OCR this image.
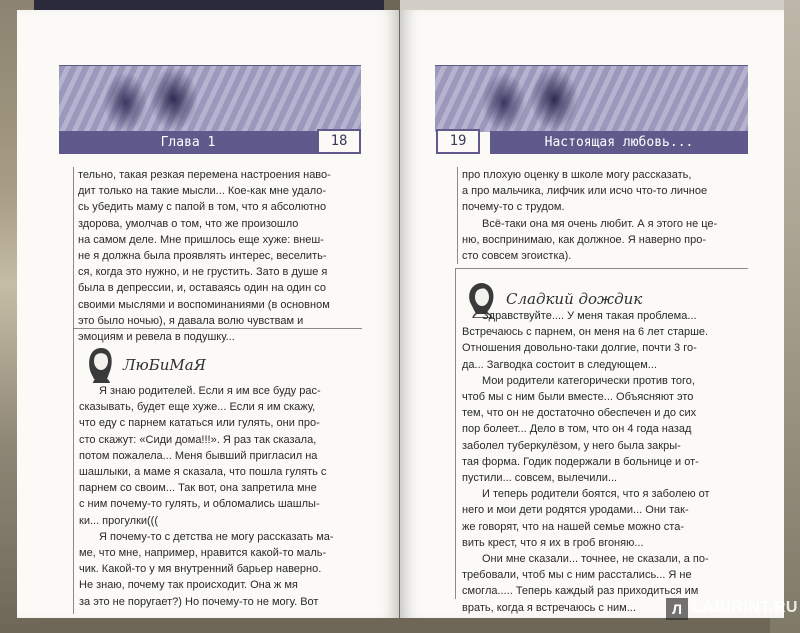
Глава 1	18

тельно, такая резкая перемена настроения наво-

дит только на такие мысли... Кое-как мне удало-

сь убедить маму с папой в том, что я абсолютно

здорова, умолчав о том, что же произошло

на самом деле. Мне пришлось еще хуже: внеш-

не я должна была проявлять интерес, веселить-

ся, когда это нужно, и не грустить. Зато в душе я

была в депрессии, и, оставаясь один на один со

своими мыслями и воспоминаниями (в основном

это было ночью), я давала волю чувствам и

эмоциям и ревела в подушку...

ЛюБиМаЯ

Я знаю родителей. Если я им все буду рас-

сказывать, будет еще хуже... Если я им скажу,

что еду с парнем кататься или гулять, они про-

сто скажут: «Сиди дома!!!». Я раз так сказала,

потом пожалела... Меня бывший пригласил на

шашлыки, а маме я сказала, что пошла гулять с

парнем со своим... Так вот, она запретила мне

с ним почему-то гулять, и обломались шашлы-

ки... прогулки(((

Я почему-то с детства не могу рассказать ма-

ме, что мне, например, нравится какой-то маль-

чик. Какой-то у мя внутренний барьер наверно.

Не знаю, почему так происходит. Она ж мя

за это не поругает?) Но почему-то не могу. Вот

19	Настоящая любовь...

про плохую оценку в школе могу рассказать,

а про мальчика, лифчик или исчо что-то личное

почему-то с трудом.

Всё-таки она мя очень любит. А я этого не це-

ню, воспринимаю, как должное. Я наверно про-

сто совсем эгоистка).

Сладкий дождик

Здравствуйте.... У меня такая проблема...

Встречаюсь с парнем, он меня на 6 лет старше.

Отношения довольно-таки долгие, почти 3 го-

да... Загводка состоит в следующем...

Мои родители категорически против того,

чтоб мы с ним были вместе... Объясняют это

тем, что он не достаточно обеспечен и до сих

пор болеет... Дело в том, что он 4 года назад

заболел туберкулёзом, у него была закры-

тая форма. Годик подержали в больнице и от-

пустили... совсем, вылечили...

И теперь родители боятся, что я заболею от

него и мои дети родятся уродами... Они так-

же говорят, что на нашей семье можно ста-

вить крест, что я их в гроб вгоняю...

Они мне сказали... точнее, не сказали, а по-

требовали, чтоб мы с ним расстались... Я не

смогла..... Теперь каждый раз приходиться им

врать, когда я встречаюсь с ним...	Л LABIRINT.RU
